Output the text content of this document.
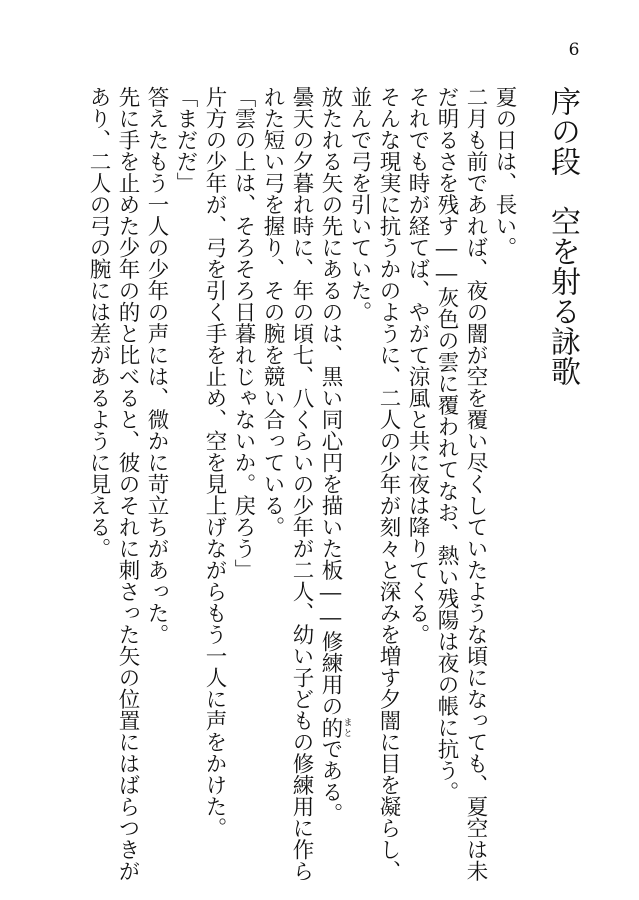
6
序の段　空を射る詠歌
夏の日は、長い。
二月も前であれば、夜の闇が空を覆い尽くしていたような頃になっても、夏空は未
だ明るさを残す――灰色の雲に覆われてなお、熱い残陽は夜の帳に抗う。
それでも時が経てば、やがて涼風と共に夜は降りてくる。
そんな現実に抗うかのように、二人の少年が刻々と深みを増す夕闇に目を凝らし、
並んで弓を引いていた。
放たれる矢の先にあるのは、黒い同心円を描いた板――修練用の的まとである。
曇天の夕暮れ時に、年の頃七、八くらいの少年が二人、幼い子どもの修練用に作ら
れた短い弓を握り、その腕を競い合っている。
「雲の上は、そろそろ日暮れじゃないか。戻ろう」
片方の少年が、弓を引く手を止め、空を見上げながらもう一人に声をかけた。
「まだだ」
答えたもう一人の少年の声には、微かに苛立ちがあった。
先に手を止めた少年の的と比べると、彼のそれに刺さった矢の位置にはばらつきが
あり、二人の弓の腕には差があるように見える。
